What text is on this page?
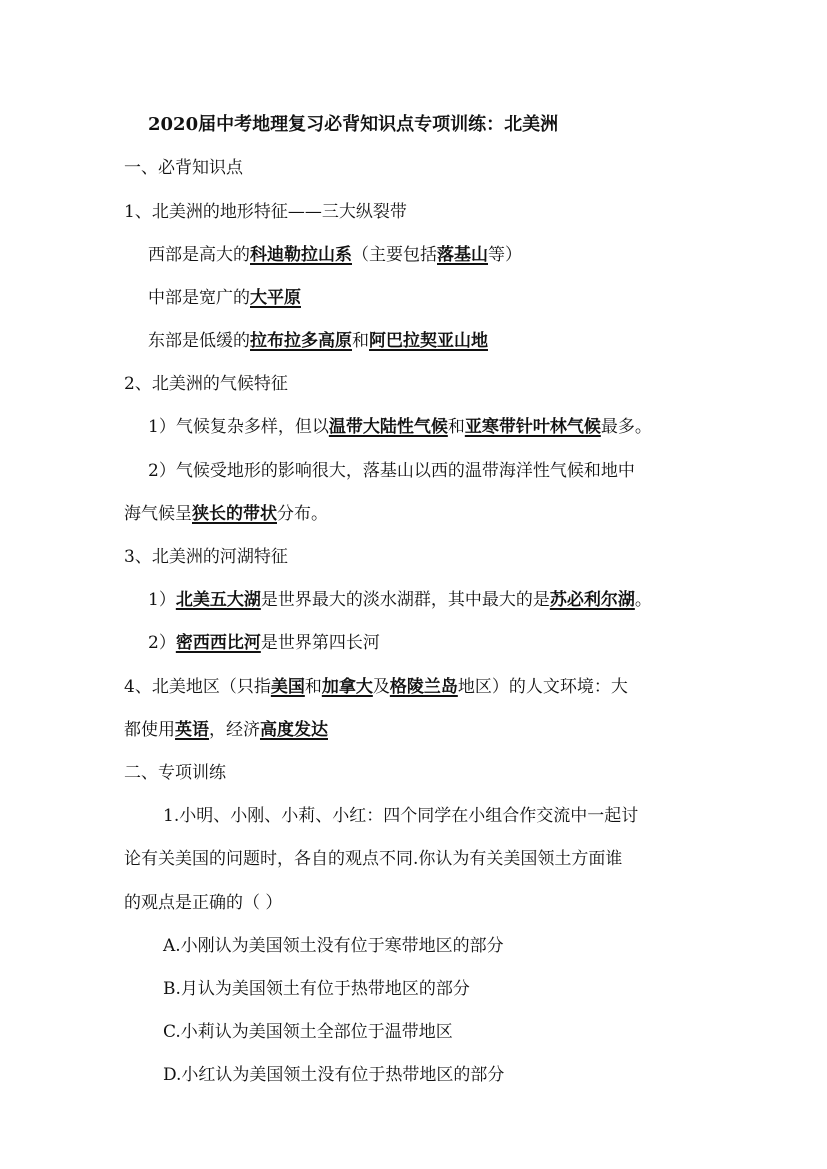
2020届中考地理复习必背知识点专项训练：北美洲
一、必背知识点
1、北美洲的地形特征——三大纵裂带
西部是高大的科迪勒拉山系（主要包括落基山等）
中部是宽广的大平原
东部是低缓的拉布拉多高原和阿巴拉契亚山地
2、北美洲的气候特征
1）气候复杂多样，但以温带大陆性气候和亚寒带针叶林气候最多。
2）气候受地形的影响很大，落基山以西的温带海洋性气候和地中
海气候呈狭长的带状分布。
3、北美洲的河湖特征
1）北美五大湖是世界最大的淡水湖群，其中最大的是苏必利尔湖。
2）密西西比河是世界第四长河
4、北美地区（只指美国和加拿大及格陵兰岛地区）的人文环境：大
都使用英语，经济高度发达
二、专项训练
1.小明、小刚、小莉、小红：四个同学在小组合作交流中一起讨
论有关美国的问题时，各自的观点不同.你认为有关美国领土方面谁
的观点是正确的（ ）
A.小刚认为美国领土没有位于寒带地区的部分
B.月认为美国领土有位于热带地区的部分
C.小莉认为美国领土全部位于温带地区
D.小红认为美国领土没有位于热带地区的部分
